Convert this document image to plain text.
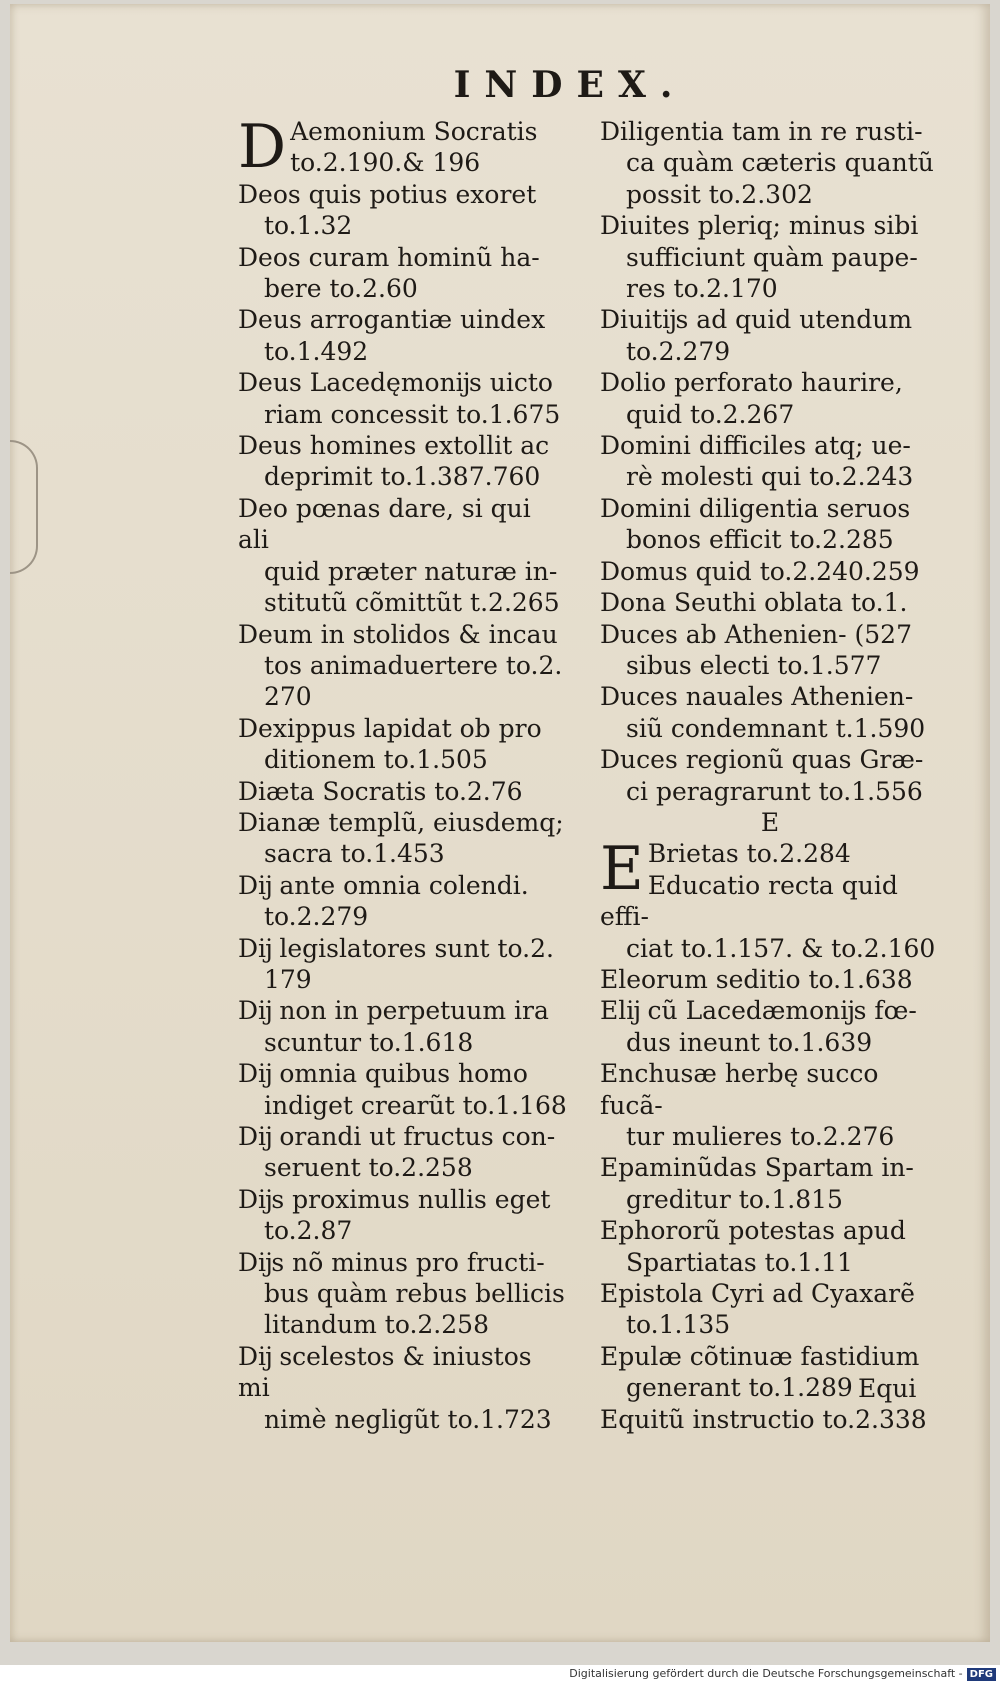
INDEX.
D Aemonium Socratis
to.2.190.& 196
Deos quis potius exoret
to.1.32
Deos curam hominũ ha-
bere to.2.60
Deus arrogantiæ uindex
to.1.492
Deus Lacedęmonĳs uicto
riam concessit to.1.675
Deus homines extollit ac
deprimit to.1.387.760
Deo pœnas dare, si qui ali
quid præter naturæ in-
stitutũ cõmittũt t.2.265
Deum in stolidos & incau
tos animaduertere to.2.
270
Dexippus lapidat ob pro
ditionem to.1.505
Diæta Socratis to.2.76
Dianæ templũ, eiusdemq;
sacra to.1.453
Dĳ ante omnia colendi.
to.2.279
Dĳ legislatores sunt to.2.
179
Dĳ non in perpetuum ira
scuntur to.1.618
Dĳ omnia quibus homo
indiget crearũt to.1.168
Dĳ orandi ut fructus con-
seruent to.2.258
Dĳs proximus nullis eget
to.2.87
Dĳs nõ minus pro fructi-
bus quàm rebus bellicis
litandum to.2.258
Dĳ scelestos & iniustos mi
nimè negligũt to.1.723
Diligentia tam in re rusti-
ca quàm cæteris quantũ
possit to.2.302
Diuites pleriq; minus sibi
sufficiunt quàm paupe-
res to.2.170
Diuitĳs ad quid utendum
to.2.279
Dolio perforato haurire,
quid to.2.267
Domini difficiles atq; ue-
rè molesti qui to.2.243
Domini diligentia seruos
bonos efficit to.2.285
Domus quid to.2.240.259
Dona Seuthi oblata to.1.
Duces ab Athenien- (527
sibus electi to.1.577
Duces nauales Athenien-
siũ condemnant t.1.590
Duces regionũ quas Græ-
ci peragrarunt to.1.556
E
E Brietas to.2.284
Educatio recta quid effi-
ciat to.1.157. & to.2.160
Eleorum seditio to.1.638
Elĳ cũ Lacedæmonĳs fœ-
dus ineunt to.1.639
Enchusæ herbę succo fucã-
tur mulieres to.2.276
Epaminũdas Spartam in-
greditur to.1.815
Ephororũ potestas apud
Spartiatas to.1.11
Epistola Cyri ad Cyaxarẽ
to.1.135
Epulæ cõtinuæ fastidium
generant to.1.289
Equitũ instructio to.2.338
Equi
Digitalisierung gefördert durch die Deutsche Forschungsgemeinschaft - DFG
